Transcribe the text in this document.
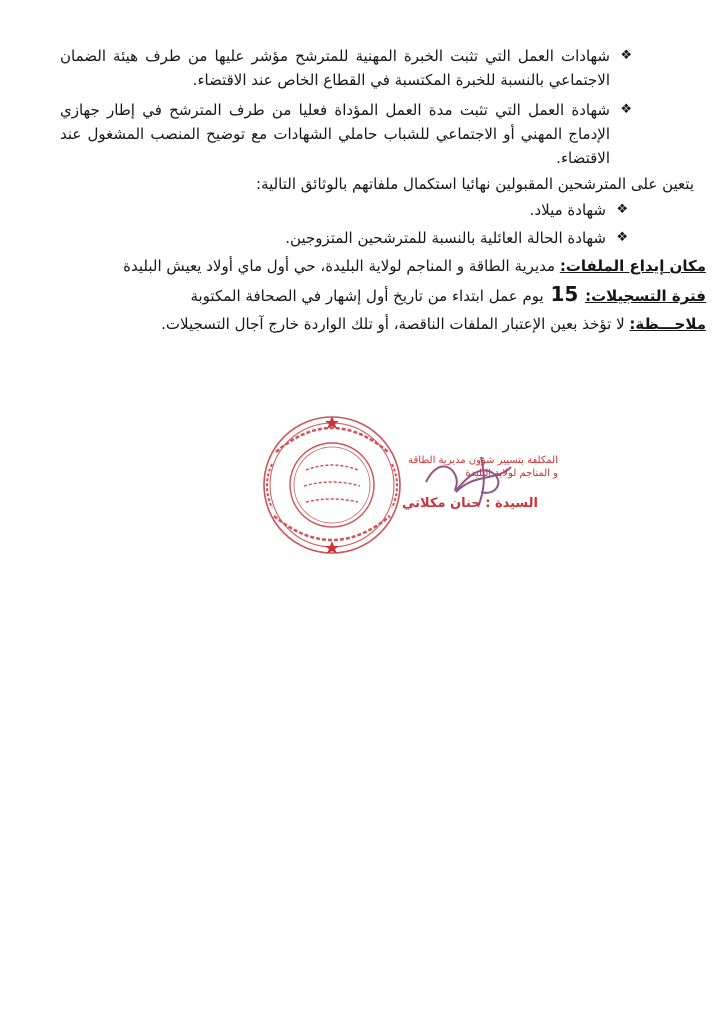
❖
شهادات العمل التي تثبت الخبرة المهنية للمترشح مؤشر عليها من طرف هيئة الضمان الاجتماعي بالنسبة للخبرة المكتسبة في القطاع الخاص عند الاقتضاء.
❖
شهادة العمل التي تثبت مدة العمل المؤداة فعليا من طرف المترشح في إطار جهازي الإدماج المهني أو الاجتماعي للشباب حاملي الشهادات مع توضيح المنصب المشغول عند الاقتضاء.
يتعين على المترشحين المقبولين نهائيا استكمال ملفاتهم بالوثائق التالية:
❖
شهادة ميلاد.
❖
شهادة الحالة العائلية بالنسبة للمترشحين المتزوجين.
مكان إيداع الملفات: مديرية الطاقة و المناجم لولاية البليدة، حي أول ماي أولاد يعيش البليدة
فترة التسجيلات: 15 يوم عمل ابتداء من تاريخ أول إشهار في الصحافة المكتوبة
ملاحـــظة: لا تؤخذ بعين الإعتبار الملفات الناقصة، أو تلك الواردة خارج آجال التسجيلات.
المكلفة بتسيير شؤون مديرية الطاقة
و المناجم لولاية البليدة
السيدة : حنان مكلاتي
